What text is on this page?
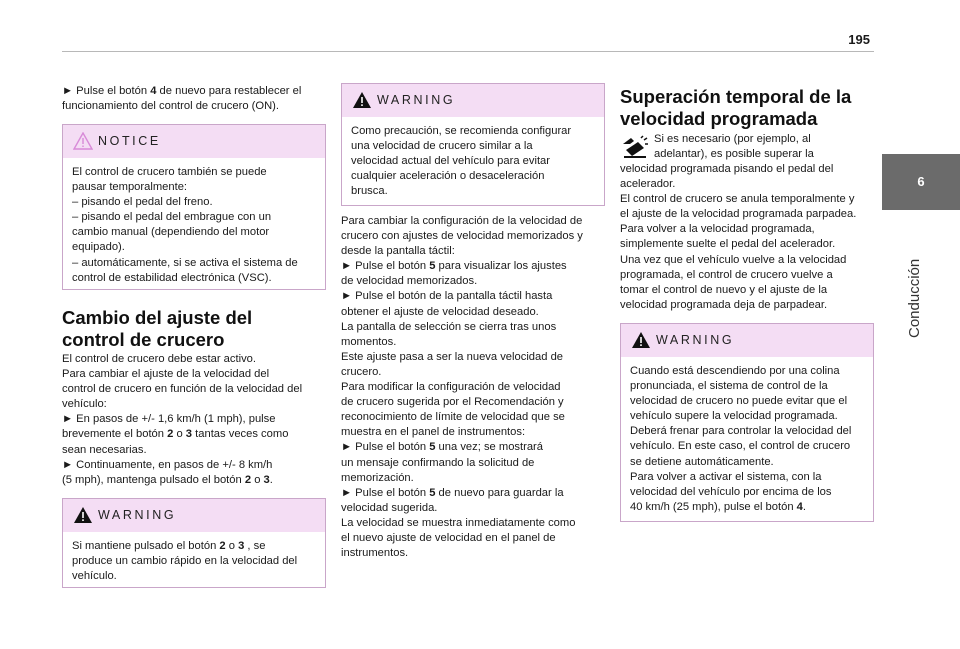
195
6
Conducción

► Pulse el botón 4 de nuevo para restablecer el funcionamiento del control de crucero (ON).

NOTICE

El control de crucero también se puede

pausar temporalmente:

– pisando el pedal del freno.

– pisando el pedal del embrague con un

cambio manual (dependiendo del motor

equipado).

– automáticamente, si se activa el sistema de

control de estabilidad electrónica (VSC).

Cambio del ajuste del
control de crucero

El control de crucero debe estar activo.

Para cambiar el ajuste de la velocidad del

control de crucero en función de la velocidad del

vehículo:

► En pasos de +/- 1,6 km/h (1 mph), pulse

brevemente el botón 2 o 3 tantas veces como

sean necesarias.

► Continuamente, en pasos de +/- 8 km/h

(5 mph), mantenga pulsado el botón 2 o 3.

WARNING

Si mantiene pulsado el botón 2 o 3 , se

produce un cambio rápido en la velocidad del

vehículo.

WARNING

Como precaución, se recomienda configurar

una velocidad de crucero similar a la

velocidad actual del vehículo para evitar

cualquier aceleración o desaceleración

brusca.

Para cambiar la configuración de la velocidad de

crucero con ajustes de velocidad memorizados y

desde la pantalla táctil:

► Pulse el botón 5 para visualizar los ajustes

de velocidad memorizados.

► Pulse el botón de la pantalla táctil hasta

obtener el ajuste de velocidad deseado.

La pantalla de selección se cierra tras unos

momentos.

Este ajuste pasa a ser la nueva velocidad de

crucero.

Para modificar la configuración de velocidad

de crucero sugerida por el Recomendación y

reconocimiento de límite de velocidad que se

muestra en el panel de instrumentos:

► Pulse el botón 5 una vez; se mostrará

un mensaje confirmando la solicitud de

memorización.

► Pulse el botón 5 de nuevo para guardar la

velocidad sugerida.

La velocidad se muestra inmediatamente como

el nuevo ajuste de velocidad en el panel de

instrumentos.

Superación temporal de la
velocidad programada

Si es necesario (por ejemplo, al

adelantar), es posible superar la

velocidad programada pisando el pedal del

acelerador.

El control de crucero se anula temporalmente y

el ajuste de la velocidad programada parpadea.

Para volver a la velocidad programada,

simplemente suelte el pedal del acelerador.

Una vez que el vehículo vuelve a la velocidad

programada, el control de crucero vuelve a

tomar el control de nuevo y el ajuste de la

velocidad programada deja de parpadear.

WARNING

Cuando está descendiendo por una colina

pronunciada, el sistema de control de la

velocidad de crucero no puede evitar que el

vehículo supere la velocidad programada.

Deberá frenar para controlar la velocidad del

vehículo. En este caso, el control de crucero

se detiene automáticamente.

Para volver a activar el sistema, con la

velocidad del vehículo por encima de los

40 km/h (25 mph), pulse el botón 4.
